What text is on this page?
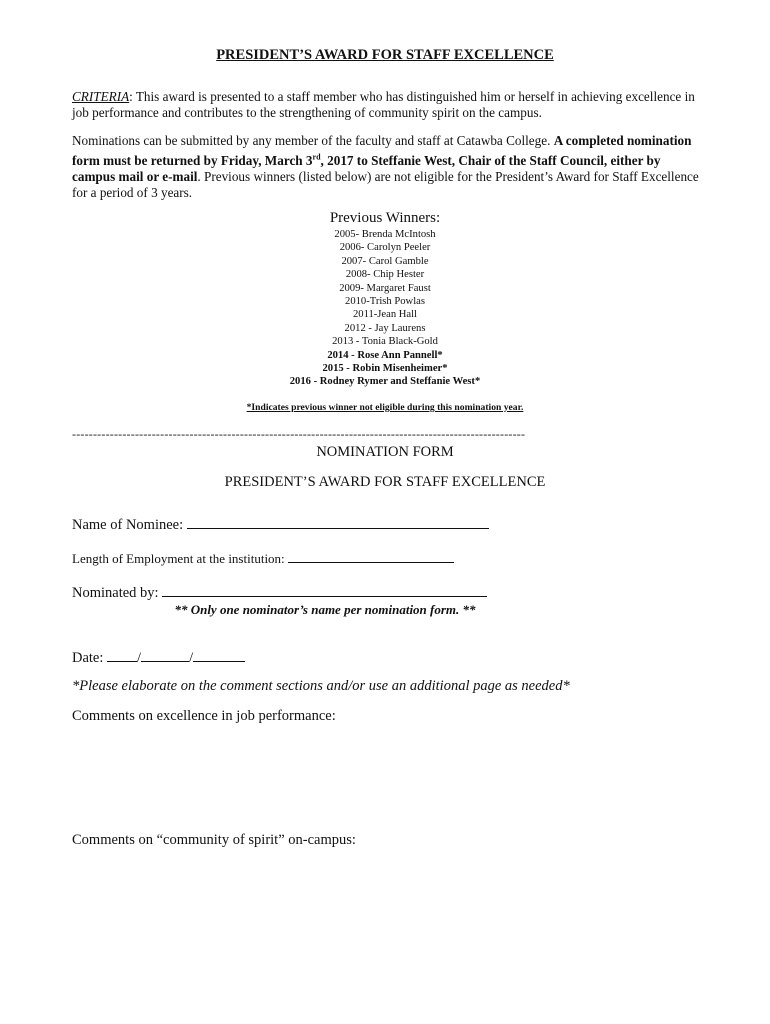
PRESIDENT’S AWARD FOR STAFF EXCELLENCE
CRITERIA: This award is presented to a staff member who has distinguished him or herself in achieving excellence in job performance and contributes to the strengthening of community spirit on the campus.
Nominations can be submitted by any member of the faculty and staff at Catawba College. A completed nomination form must be returned by Friday, March 3rd, 2017 to Steffanie West, Chair of the Staff Council, either by campus mail or e-mail. Previous winners (listed below) are not eligible for the President’s Award for Staff Excellence for a period of 3 years.
Previous Winners:
2005- Brenda McIntosh
2006- Carolyn Peeler
2007- Carol Gamble
2008- Chip Hester
2009- Margaret Faust
2010-Trish Powlas
2011-Jean Hall
2012 - Jay Laurens
2013 - Tonia Black-Gold
2014 - Rose Ann Pannell*
2015 - Robin Misenheimer*
2016 - Rodney Rymer and Steffanie West*
*Indicates previous winner not eligible during this nomination year.
------------------------------------------------------------------------------------------------------------
NOMINATION FORM
PRESIDENT’S AWARD FOR STAFF EXCELLENCE
Name of Nominee:
Length of Employment at the institution:
Nominated by:
** Only one nominator’s name per nomination form. **
Date: /	/
*Please elaborate on the comment sections and/or use an additional page as needed*
Comments on excellence in job performance:
Comments on “community of spirit” on-campus:
